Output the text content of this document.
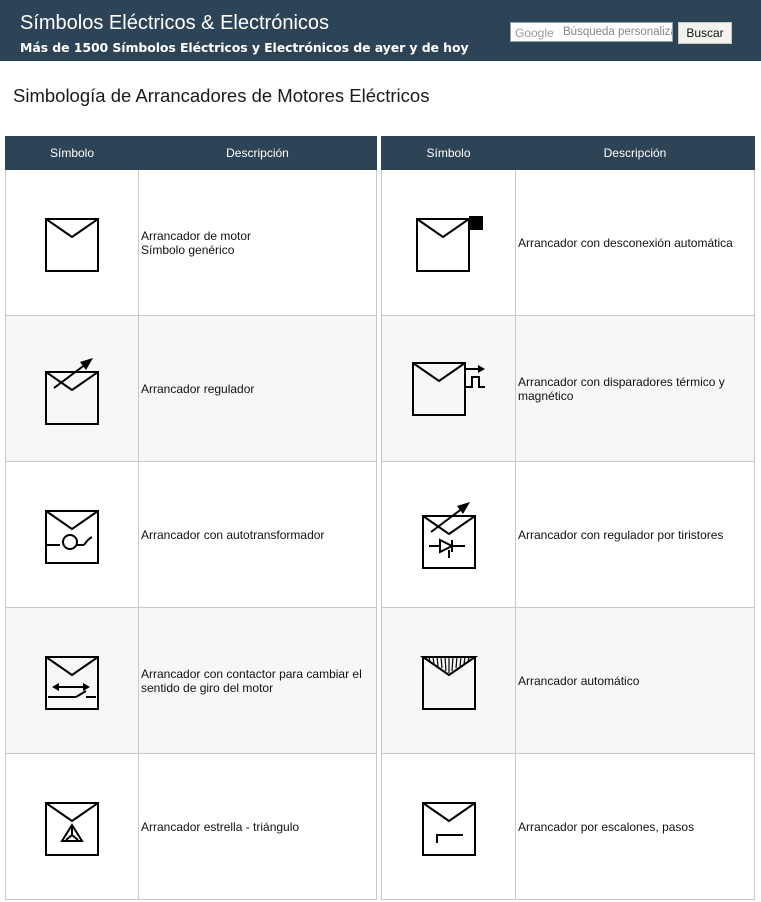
Símbolos Eléctricos & Electrónicos
Más de 1500 Símbolos Eléctricos y Electrónicos de ayer y de hoy
Google
Búsqueda personalizada	Buscar
Simbología de Arrancadores de Motores Eléctricos
Símbolo	Descripción
	Arrancador de motor
Símbolo genérico
	Arrancador regulador
	Arrancador con autotransformador
	Arrancador con contactor para cambiar el sentido de giro del motor
	Arrancador estrella - triángulo
Símbolo	Descripción
	Arrancador con desconexión automática
	Arrancador con disparadores térmico y magnético
	Arrancador con regulador por tiristores
	Arrancador automático
	Arrancador por escalones, pasos
